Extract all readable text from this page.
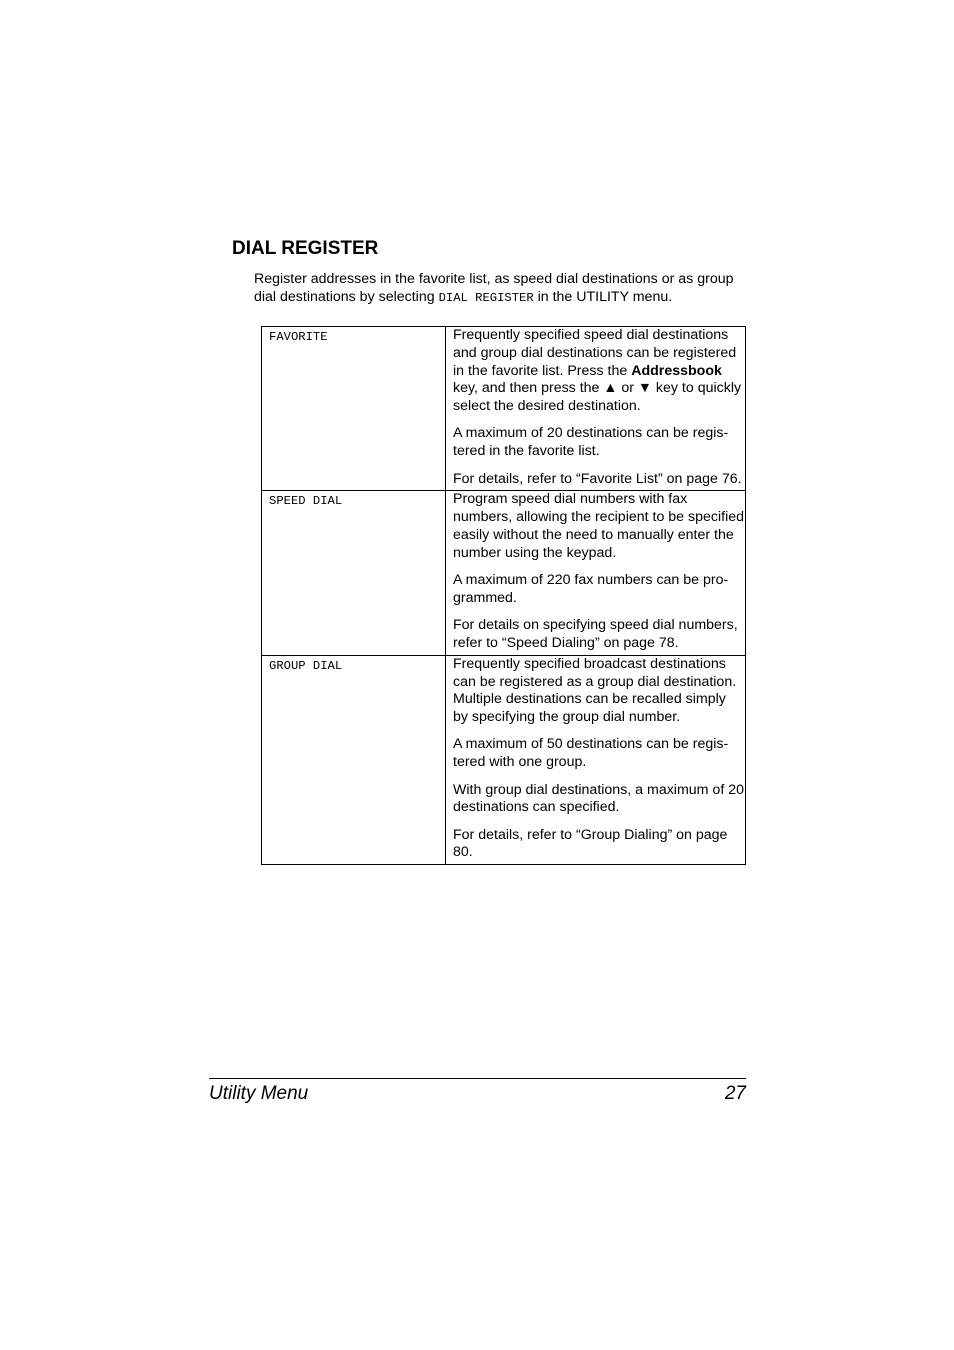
DIAL REGISTER

Register addresses in the favorite list, as speed dial destinations or as group dial destinations by selecting DIAL REGISTER in the UTILITY menu.

FAVORITE	Frequently specified speed dial destinations and group dial destinations can be registered in the favorite list. Press the Addressbook key, and then press the ▲ or ▼ key to quickly select the desired destination.

A maximum of 20 destinations can be regis-tered in the favorite list.

For details, refer to “Favorite List” on page 76.

SPEED DIAL	Program speed dial numbers with fax numbers, allowing the recipient to be specified easily without the need to manually enter the number using the keypad.

A maximum of 220 fax numbers can be pro-grammed.

For details on specifying speed dial numbers, refer to “Speed Dialing” on page 78.

GROUP DIAL	Frequently specified broadcast destinations can be registered as a group dial destination. Multiple destinations can be recalled simply by specifying the group dial number.

A maximum of 50 destinations can be regis-tered with one group.

With group dial destinations, a maximum of 20 destinations can specified.

For details, refer to “Group Dialing” on page 80.

Utility Menu	27
